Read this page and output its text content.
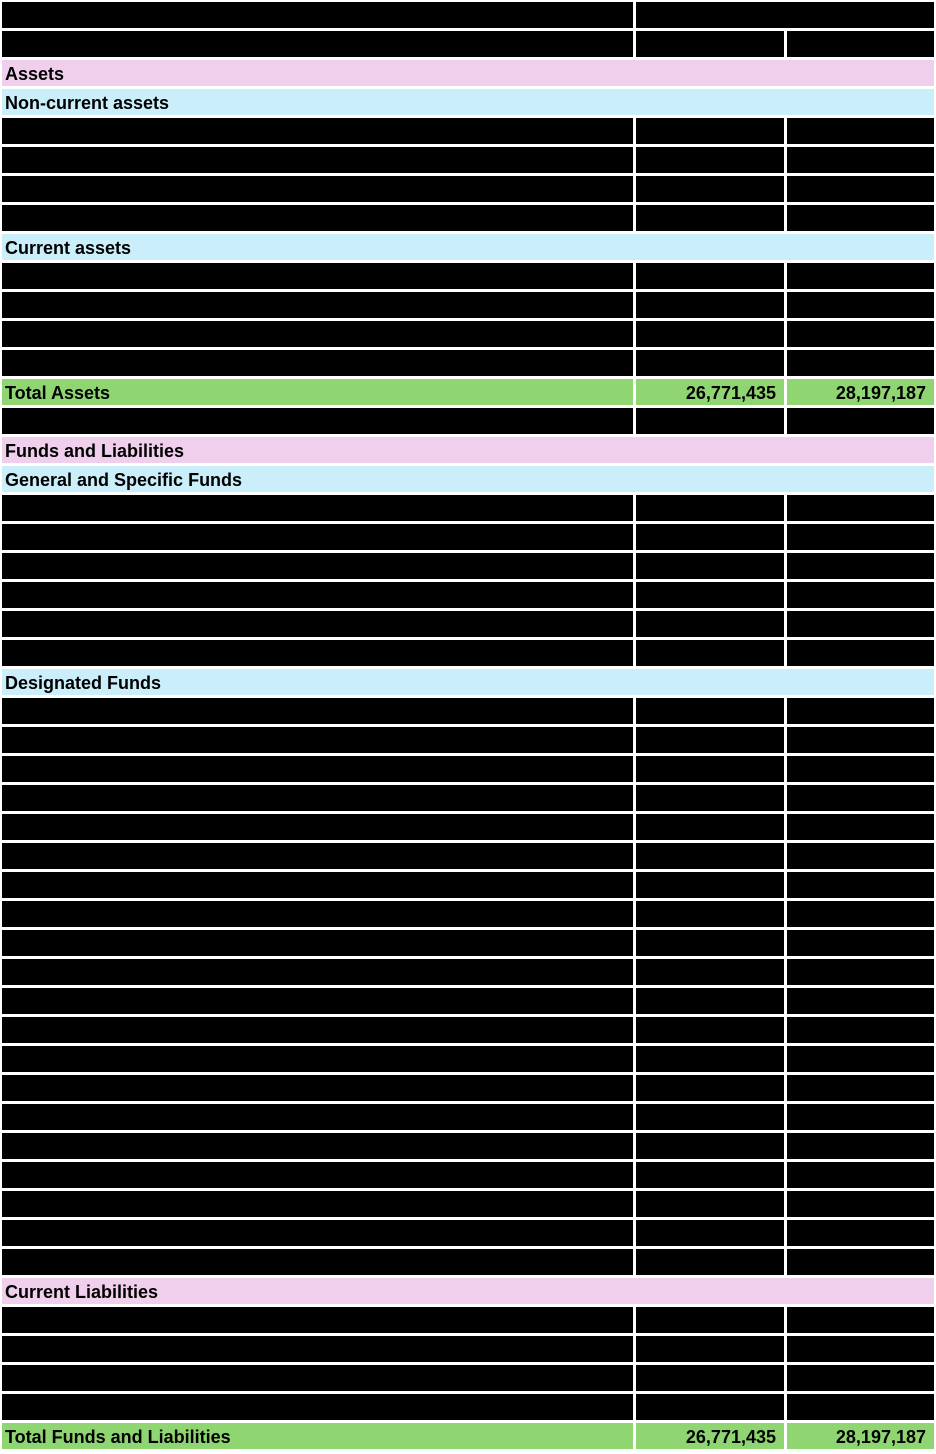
Assets
Non-current assets
Current assets
Total Assets	26,771,435	28,197,187
Funds and Liabilities
General and Specific Funds
Designated Funds
Current Liabilities
Total Funds and Liabilities	26,771,435	28,197,187
